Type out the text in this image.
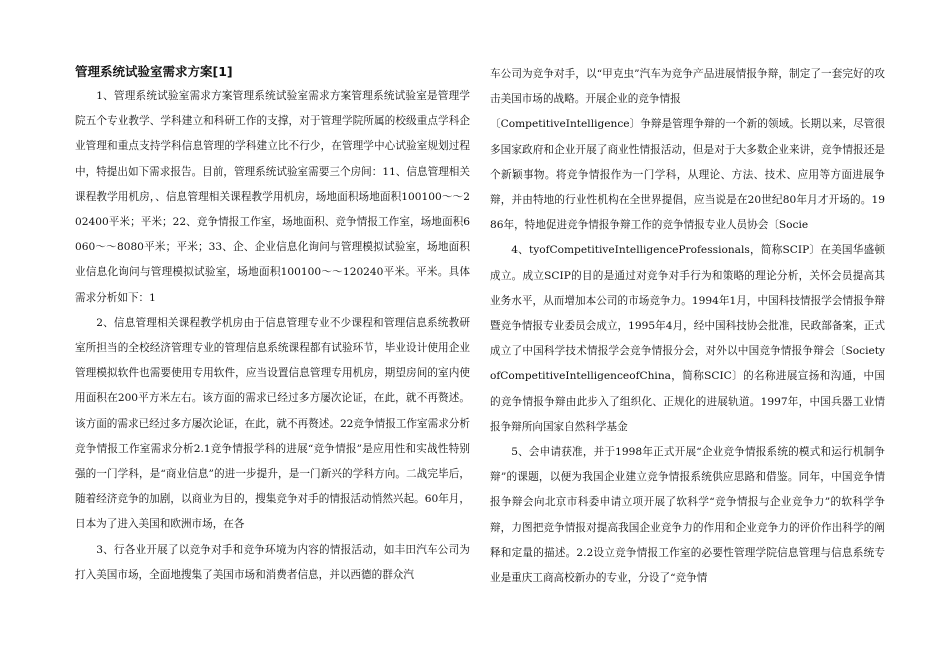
管理系统试验室需求方案[1]

1、管理系统试验室需求方案管理系统试验室需求方案管理系统试验室是管理学院五个专业教学、学科建立和科研工作的支撑，对于管理学院所属的校级重点学科企业管理和重点支持学科信息管理的学科建立比不行少，在管理学中心试验室规划过程中，特提出如下需求报告。目前，管理系统试验室需要三个房间：11、信息管理相关课程教学用机房，、信息管理相关课程教学用机房，场地面积场地面积100100～～202400平米；平米；22、竞争情报工作室，场地面积、竞争情报工作室，场地面积6060～～8080平米；平米；33、企、企业信息化询问与管理模拟试验室，场地面积业信息化询问与管理模拟试验室，场地面积100100～～120240平米。平米。具体需求分析如下：1

2、信息管理相关课程教学机房由于信息管理专业不少课程和管理信息系统教研室所担当的全校经济管理专业的管理信息系统课程都有试验环节，毕业设计使用企业管理模拟软件也需要使用专用软件，应当设置信息管理专用机房，期望房间的室内使用面积在200平方米左右。该方面的需求已经过多方屡次论证，在此，就不再赘述。该方面的需求已经过多方屡次论证，在此，就不再赘述。22竞争情报工作室需求分析竞争情报工作室需求分析2.1竞争情报学科的进展“竞争情报”是应用性和实战性特别强的一门学科，是“商业信息”的进一步提升，是一门新兴的学科方向。二战完毕后，随着经济竞争的加剧，以商业为目的，搜集竞争对手的情报活动悄然兴起。60年月，日本为了进入美国和欧洲市场，在各

3、行各业开展了以竞争对手和竞争环境为内容的情报活动，如丰田汽车公司为打入美国市场，全面地搜集了美国市场和消费者信息，并以西德的群众汽

车公司为竞争对手，以“甲克虫”汽车为竞争产品进展情报争辩，制定了一套完好的攻击美国市场的战略。开展企业的竞争情报

〔CompetitiveIntelligence〕争辩是管理争辩的一个新的领域。长期以来，尽管很多国家政府和企业开展了商业性情报活动，但是对于大多数企业来讲，竞争情报还是个新颖事物。将竞争情报作为一门学科，从理论、方法、技术、应用等方面进展争辩，并由特地的行业性机构在全世界提倡，应当说是在20世纪80年月才开场的。1986年，特地促进竞争情报争辩工作的竞争情报专业人员协会〔Socie

4、tyofCompetitiveIntelligenceProfessionals，简称SCIP〕在美国华盛顿成立。成立SCIP的目的是通过对竞争对手行为和策略的理论分析，关怀会员提高其业务水平，从而增加本公司的市场竞争力。1994年1月，中国科技情报学会情报争辩暨竞争情报专业委员会成立，1995年4月，经中国科技协会批准，民政部备案，正式成立了中国科学技术情报学会竞争情报分会，对外以中国竞争情报争辩会〔SocietyofCompetitiveIntelligenceofChina，简称SCIC〕的名称进展宣扬和沟通，中国的竞争情报争辩由此步入了组织化、正规化的进展轨道。1997年，中国兵器工业情报争辩所向国家自然科学基金

5、会申请获准，并于1998年正式开展“企业竞争情报系统的模式和运行机制争辩”的课题，以便为我国企业建立竞争情报系统供应思路和借鉴。同年，中国竞争情报争辩会向北京市科委申请立项开展了软科学“竞争情报与企业竞争力”的软科学争辩，力图把竞争情报对提高我国企业竞争力的作用和企业竞争力的评价作出科学的阐释和定量的描述。2.2设立竞争情报工作室的必要性管理学院信息管理与信息系统专业是重庆工商高校新办的专业，分设了“竞争情
